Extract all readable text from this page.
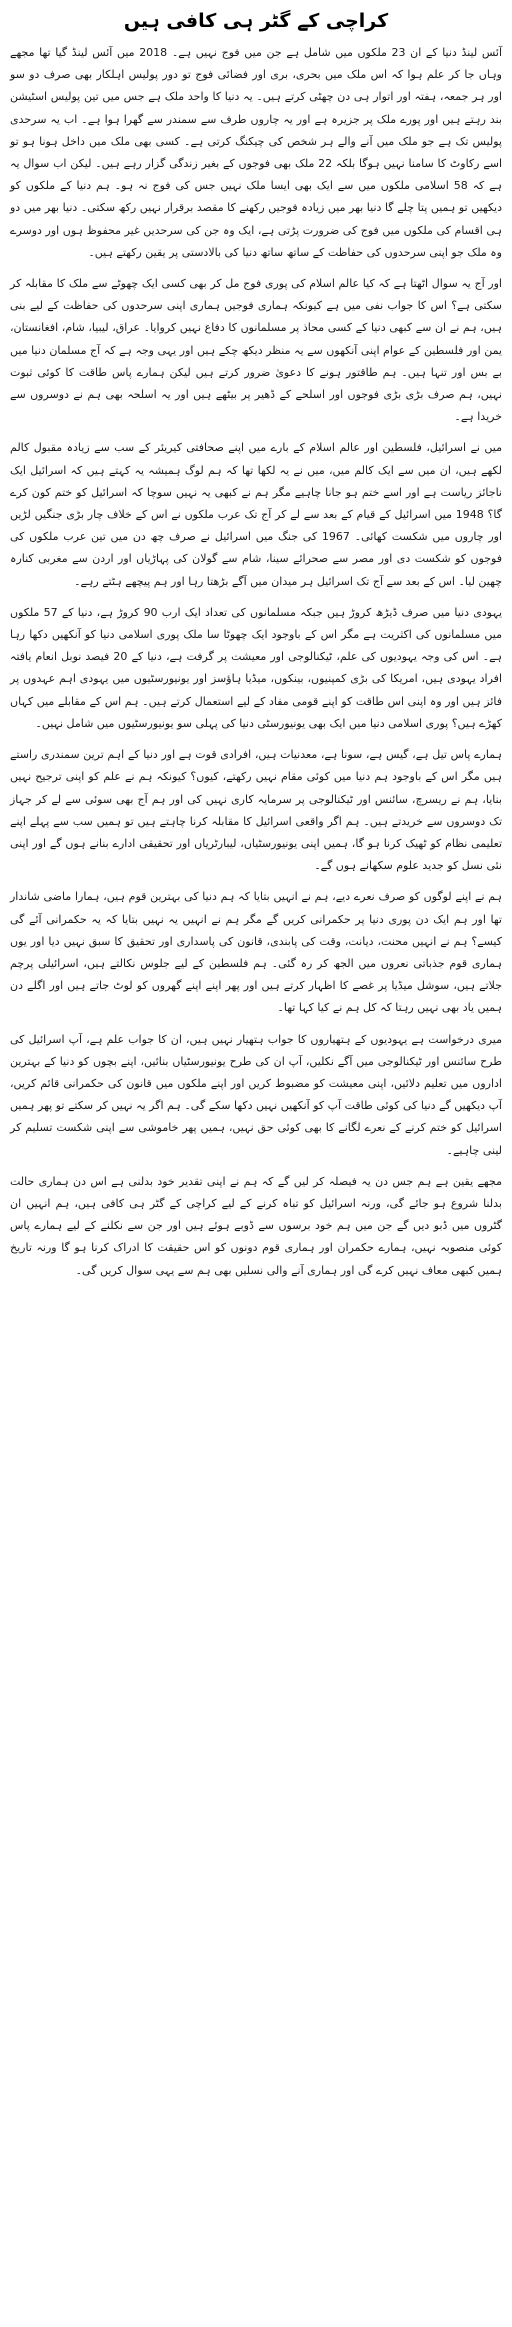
کراچی کے گٹر ہی کافی ہیں

آئس لینڈ دنیا کے ان 23 ملکوں میں شامل ہے جن میں فوج نہیں ہے۔ 2018 میں آئس لینڈ گیا تھا مجھے وہاں جا کر علم ہوا کہ اس ملک میں بحری، بری اور فضائی فوج تو دور پولیس اہلکار بھی صرف دو سو اور ہر جمعہ، ہفتہ اور اتوار ہی دن چھٹی کرتے ہیں۔ یہ دنیا کا واحد ملک ہے جس میں تین پولیس اسٹیشن بند رہتے ہیں اور پورے ملک پر جزیرہ ہے اور یہ چاروں طرف سے سمندر سے گھرا ہوا ہے۔ اب یہ سرحدی پولیس تک ہے جو ملک میں آنے والے ہر شخص کی چیکنگ کرتی ہے۔ کسی بھی ملک میں داخل ہونا ہو تو اسے رکاوٹ کا سامنا نہیں ہوگا بلکہ 22 ملک بھی فوجوں کے بغیر زندگی گزار رہے ہیں۔ لیکن اب سوال یہ ہے کہ 58 اسلامی ملکوں میں سے ایک بھی ایسا ملک نہیں جس کی فوج نہ ہو۔ ہم دنیا کے ملکوں کو دیکھیں تو ہمیں پتا چلے گا دنیا بھر میں زیادہ فوجیں رکھنے کا مقصد برقرار نہیں رکھ سکتی۔ دنیا بھر میں دو ہی اقسام کی ملکوں میں فوج کی ضرورت پڑتی ہے، ایک وہ جن کی سرحدیں غیر محفوظ ہوں اور دوسرے وہ ملک جو اپنی سرحدوں کی حفاظت کے ساتھ ساتھ دنیا کی بالادستی پر یقین رکھتے ہیں۔

اور آج یہ سوال اٹھتا ہے کہ کیا عالم اسلام کی پوری فوج مل کر بھی کسی ایک چھوٹے سے ملک کا مقابلہ کر سکتی ہے؟ اس کا جواب نفی میں ہے کیونکہ ہماری فوجیں ہماری اپنی سرحدوں کی حفاظت کے لیے بنی ہیں، ہم نے ان سے کبھی دنیا کے کسی محاذ پر مسلمانوں کا دفاع نہیں کروایا۔ عراق، لیبیا، شام، افغانستان، یمن اور فلسطین کے عوام اپنی آنکھوں سے یہ منظر دیکھ چکے ہیں اور یہی وجہ ہے کہ آج مسلمان دنیا میں بے بس اور تنہا ہیں۔ ہم طاقتور ہونے کا دعویٰ ضرور کرتے ہیں لیکن ہمارے پاس طاقت کا کوئی ثبوت نہیں، ہم صرف بڑی بڑی فوجوں اور اسلحے کے ڈھیر پر بیٹھے ہیں اور یہ اسلحہ بھی ہم نے دوسروں سے خریدا ہے۔

میں نے اسرائیل، فلسطین اور عالم اسلام کے بارے میں اپنے صحافتی کیریئر کے سب سے زیادہ مقبول کالم لکھے ہیں، ان میں سے ایک کالم میں، میں نے یہ لکھا تھا کہ ہم لوگ ہمیشہ یہ کہتے ہیں کہ اسرائیل ایک ناجائز ریاست ہے اور اسے ختم ہو جانا چاہیے مگر ہم نے کبھی یہ نہیں سوچا کہ اسرائیل کو ختم کون کرے گا؟ 1948 میں اسرائیل کے قیام کے بعد سے لے کر آج تک عرب ملکوں نے اس کے خلاف چار بڑی جنگیں لڑیں اور چاروں میں شکست کھائی۔ 1967 کی جنگ میں اسرائیل نے صرف چھ دن میں تین عرب ملکوں کی فوجوں کو شکست دی اور مصر سے صحرائے سینا، شام سے گولان کی پہاڑیاں اور اردن سے مغربی کنارہ چھین لیا۔ اس کے بعد سے آج تک اسرائیل ہر میدان میں آگے بڑھتا رہا اور ہم پیچھے ہٹتے رہے۔

یہودی دنیا میں صرف ڈیڑھ کروڑ ہیں جبکہ مسلمانوں کی تعداد ایک ارب 90 کروڑ ہے، دنیا کے 57 ملکوں میں مسلمانوں کی اکثریت ہے مگر اس کے باوجود ایک چھوٹا سا ملک پوری اسلامی دنیا کو آنکھیں دکھا رہا ہے۔ اس کی وجہ یہودیوں کی علم، ٹیکنالوجی اور معیشت پر گرفت ہے، دنیا کے 20 فیصد نوبل انعام یافتہ افراد یہودی ہیں، امریکا کی بڑی کمپنیوں، بینکوں، میڈیا ہاؤسز اور یونیورسٹیوں میں یہودی اہم عہدوں پر فائز ہیں اور وہ اپنی اس طاقت کو اپنے قومی مفاد کے لیے استعمال کرتے ہیں۔ ہم اس کے مقابلے میں کہاں کھڑے ہیں؟ پوری اسلامی دنیا میں ایک بھی یونیورسٹی دنیا کی پہلی سو یونیورسٹیوں میں شامل نہیں۔

ہمارے پاس تیل ہے، گیس ہے، سونا ہے، معدنیات ہیں، افرادی قوت ہے اور دنیا کے اہم ترین سمندری راستے ہیں مگر اس کے باوجود ہم دنیا میں کوئی مقام نہیں رکھتے، کیوں؟ کیونکہ ہم نے علم کو اپنی ترجیح نہیں بنایا، ہم نے ریسرچ، سائنس اور ٹیکنالوجی پر سرمایہ کاری نہیں کی اور ہم آج بھی سوئی سے لے کر جہاز تک دوسروں سے خریدتے ہیں۔ ہم اگر واقعی اسرائیل کا مقابلہ کرنا چاہتے ہیں تو ہمیں سب سے پہلے اپنے تعلیمی نظام کو ٹھیک کرنا ہو گا، ہمیں اپنی یونیورسٹیاں، لیبارٹریاں اور تحقیقی ادارے بنانے ہوں گے اور اپنی نئی نسل کو جدید علوم سکھانے ہوں گے۔

ہم نے اپنے لوگوں کو صرف نعرے دیے، ہم نے انہیں بتایا کہ ہم دنیا کی بہترین قوم ہیں، ہمارا ماضی شاندار تھا اور ہم ایک دن پوری دنیا پر حکمرانی کریں گے مگر ہم نے انہیں یہ نہیں بتایا کہ یہ حکمرانی آئے گی کیسے؟ ہم نے انہیں محنت، دیانت، وقت کی پابندی، قانون کی پاسداری اور تحقیق کا سبق نہیں دیا اور یوں ہماری قوم جذباتی نعروں میں الجھ کر رہ گئی۔ ہم فلسطین کے لیے جلوس نکالتے ہیں، اسرائیلی پرچم جلاتے ہیں، سوشل میڈیا پر غصے کا اظہار کرتے ہیں اور پھر اپنے اپنے گھروں کو لوٹ جاتے ہیں اور اگلے دن ہمیں یاد بھی نہیں رہتا کہ کل ہم نے کیا کہا تھا۔

میری درخواست ہے یہودیوں کے ہتھیاروں کا جواب ہتھیار نہیں ہیں، ان کا جواب علم ہے، آپ اسرائیل کی طرح سائنس اور ٹیکنالوجی میں آگے نکلیں، آپ ان کی طرح یونیورسٹیاں بنائیں، اپنے بچوں کو دنیا کے بہترین اداروں میں تعلیم دلائیں، اپنی معیشت کو مضبوط کریں اور اپنے ملکوں میں قانون کی حکمرانی قائم کریں، آپ دیکھیں گے دنیا کی کوئی طاقت آپ کو آنکھیں نہیں دکھا سکے گی۔ ہم اگر یہ نہیں کر سکتے تو پھر ہمیں اسرائیل کو ختم کرنے کے نعرے لگانے کا بھی کوئی حق نہیں، ہمیں پھر خاموشی سے اپنی شکست تسلیم کر لینی چاہیے۔

مجھے یقین ہے ہم جس دن یہ فیصلہ کر لیں گے کہ ہم نے اپنی تقدیر خود بدلنی ہے اس دن ہماری حالت بدلنا شروع ہو جائے گی، ورنہ اسرائیل کو تباہ کرنے کے لیے کراچی کے گٹر ہی کافی ہیں، ہم انہیں ان گٹروں میں ڈبو دیں گے جن میں ہم خود برسوں سے ڈوبے ہوئے ہیں اور جن سے نکلنے کے لیے ہمارے پاس کوئی منصوبہ نہیں، ہمارے حکمران اور ہماری قوم دونوں کو اس حقیقت کا ادراک کرنا ہو گا ورنہ تاریخ ہمیں کبھی معاف نہیں کرے گی اور ہماری آنے والی نسلیں بھی ہم سے یہی سوال کریں گی۔
